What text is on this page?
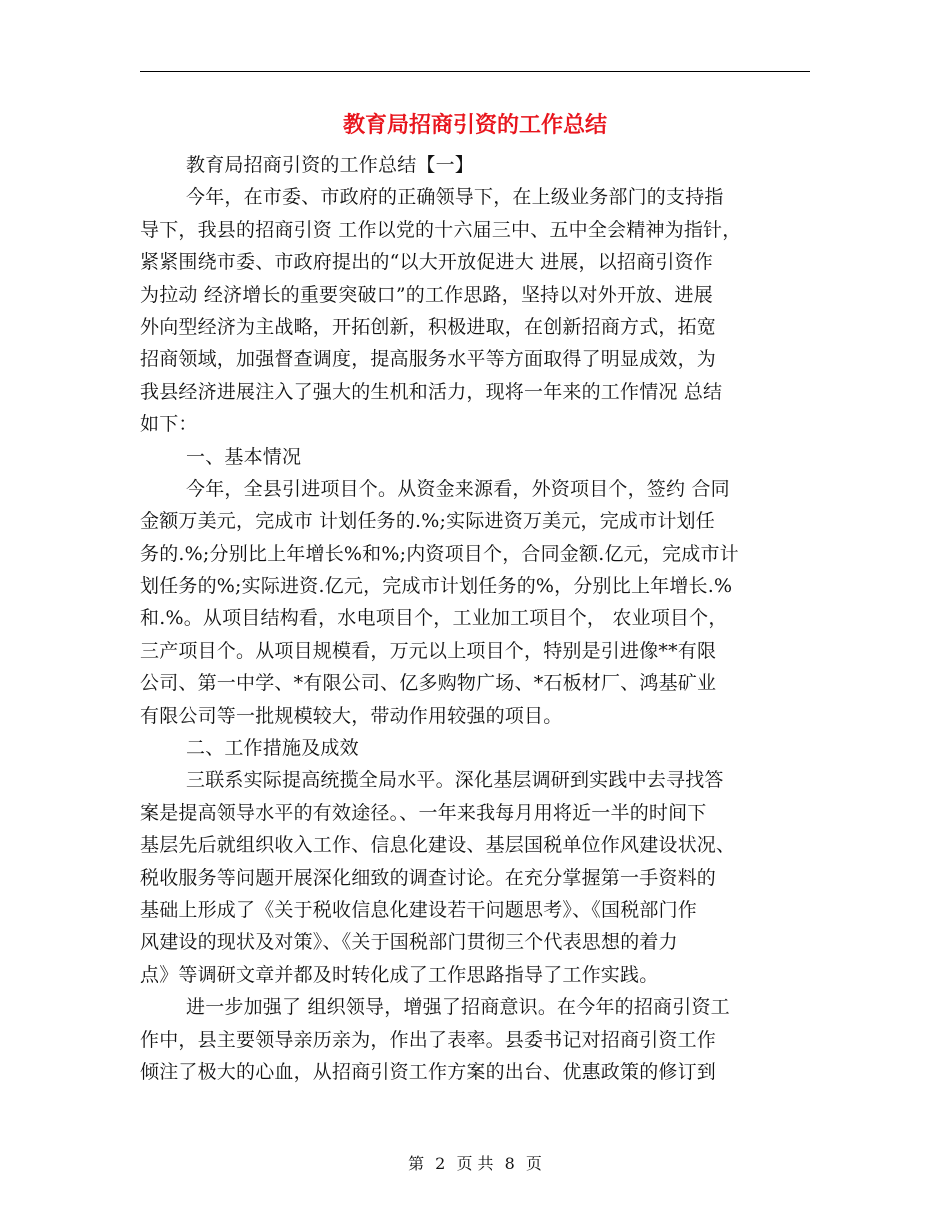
教育局招商引资的工作总结
教育局招商引资的工作总结【一】
今年，在市委、市政府的正确领导下，在上级业务部门的支持指
导下，我县的招商引资 工作以党的十六届三中、五中全会精神为指针，
紧紧围绕市委、市政府提出的“以大开放促进大 进展，以招商引资作
为拉动 经济增长的重要突破口”的工作思路，坚持以对外开放、进展
外向型经济为主战略，开拓创新，积极进取，在创新招商方式，拓宽
招商领域，加强督查调度，提高服务水平等方面取得了明显成效，为
我县经济进展注入了强大的生机和活力，现将一年来的工作情况 总结
如下：
一、基本情况
今年，全县引进项目个。从资金来源看，外资项目个，签约 合同
金额万美元，完成市 计划任务的.%;实际进资万美元，完成市计划任
务的.%;分别比上年增长%和%;内资项目个，合同金额.亿元，完成市计
划任务的%;实际进资.亿元，完成市计划任务的%，分别比上年增长.%
和.%。从项目结构看，水电项目个，工业加工项目个， 农业项目个，
三产项目个。从项目规模看，万元以上项目个，特别是引进像**有限
公司、第一中学、*有限公司、亿多购物广场、*石板材厂、鸿基矿业
有限公司等一批规模较大，带动作用较强的项目。
二、工作措施及成效
三联系实际提高统揽全局水平。深化基层调研到实践中去寻找答
案是提高领导水平的有效途径。、一年来我每月用将近一半的时间下
基层先后就组织收入工作、信息化建设、基层国税单位作风建设状况、
税收服务等问题开展深化细致的调查讨论。在充分掌握第一手资料的
基础上形成了《关于税收信息化建设若干问题思考》、《国税部门作
风建设的现状及对策》、《关于国税部门贯彻三个代表思想的着力
点》等调研文章并都及时转化成了工作思路指导了工作实践。
进一步加强了 组织领导，增强了招商意识。在今年的招商引资工
作中，县主要领导亲历亲为，作出了表率。县委书记对招商引资工作
倾注了极大的心血，从招商引资工作方案的出台、优惠政策的修订到
第 2 页 共 8 页
